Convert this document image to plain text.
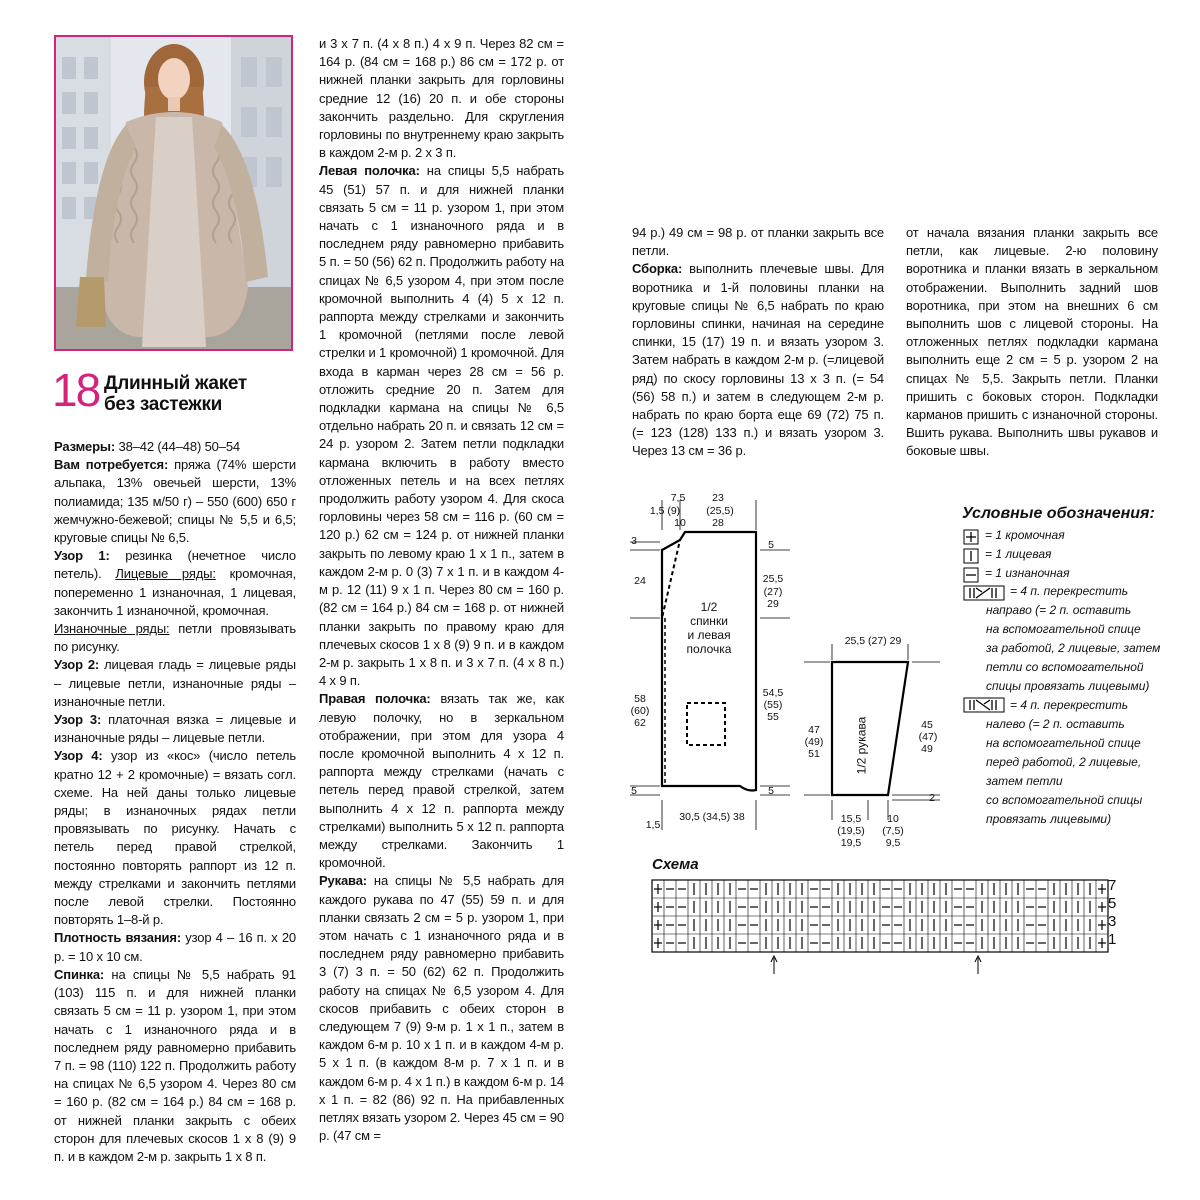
18 Длинный жакет
без застежки

Размеры: 38–42 (44–48) 50–54

Вам потребуется: пряжа (74% шерсти альпака, 13% овечьей шерсти, 13% полиамида; 135 м/50 г) – 550 (600) 650 г жемчужно-бежевой; спицы № 5,5 и 6,5; круговые спицы № 6,5.

Узор 1: резинка (нечетное число петель). Лицевые ряды: кромочная, попеременно 1 изнаночная, 1 лицевая, закончить 1 изнаночной, кромочная.
Изнаночные ряды: петли провязывать по рисунку.

Узор 2: лицевая гладь = лицевые ряды – лицевые петли, изнаночные ряды – изнаночные петли.

Узор 3: платочная вязка = лицевые и изнаночные ряды – лицевые петли.

Узор 4: узор из «кос» (число петель кратно 12 + 2 кромочные) = вязать согл. схеме. На ней даны только лицевые ряды; в изнаночных рядах петли провязывать по рисунку. Начать с петель перед правой стрелкой, постоянно повторять раппорт из 12 п. между стрелками и закончить петлями после левой стрелки. Постоянно повторять 1–8-й р.

Плотность вязания: узор 4 – 16 п. х 20 р. = 10 х 10 см.

Спинка: на спицы № 5,5 набрать 91 (103) 115 п. и для нижней планки связать 5 см = 11 р. узором 1, при этом начать с 1 изнаночного ряда и в последнем ряду равномерно прибавить 7 п. = 98 (110) 122 п. Продолжить работу на спицах № 6,5 узором 4. Через 80 см = 160 р. (82 см = 164 р.) 84 см = 168 р. от нижней планки закрыть с обеих сторон для плечевых скосов 1 х 8 (9) 9 п. и в каждом 2-м р. закрыть 1 х 8 п.

и 3 х 7 п. (4 х 8 п.) 4 х 9 п. Через 82 см = 164 р. (84 см = 168 р.) 86 см = 172 р. от нижней планки закрыть для горловины средние 12 (16) 20 п. и обе стороны закончить раздельно. Для скругления горловины по внутреннему краю закрыть в каждом 2-м р. 2 х 3 п.

Левая полочка: на спицы 5,5 набрать 45 (51) 57 п. и для нижней планки связать 5 см = 11 р. узором 1, при этом начать с 1 изнаночного ряда и в последнем ряду равномерно прибавить 5 п. = 50 (56) 62 п. Продолжить работу на спицах № 6,5 узором 4, при этом после кромочной выполнить 4 (4) 5 х 12 п. раппорта между стрелками и закончить 1 кромочной (петлями после левой стрелки и 1 кромочной) 1 кромочной. Для входа в карман через 28 см = 56 р. отложить средние 20 п. Затем для подкладки кармана на спицы № 6,5 отдельно набрать 20 п. и связать 12 см = 24 р. узором 2. Затем петли подкладки кармана включить в работу вместо отложенных петель и на всех петлях продолжить работу узором 4. Для скоса горловины через 58 см = 116 р. (60 см = 120 р.) 62 см = 124 р. от нижней планки закрыть по левому краю 1 х 1 п., затем в каждом 2-м р. 0 (3) 7 х 1 п. и в каждом 4-м р. 12 (11) 9 х 1 п. Через 80 см = 160 р. (82 см = 164 р.) 84 см = 168 р. от нижней планки закрыть по правому краю для плечевых скосов 1 х 8 (9) 9 п. и в каждом 2-м р. закрыть 1 х 8 п. и 3 х 7 п. (4 х 8 п.) 4 х 9 п.

Правая полочка: вязать так же, как левую полочку, но в зеркальном отображении, при этом для узора 4 после кромочной выполнить 4 х 12 п. раппорта между стрелками (начать с петель перед правой стрелкой, затем выполнить 4 х 12 п. раппорта между стрелками) выполнить 5 х 12 п. раппорта между стрелками. Закончить 1 кромочной.

Рукава: на спицы № 5,5 набрать для каждого рукава по 47 (55) 59 п. и для планки связать 2 см = 5 р. узором 1, при этом начать с 1 изнаночного ряда и в последнем ряду равномерно прибавить 3 (7) 3 п. = 50 (62) 62 п. Продолжить работу на спицах № 6,5 узором 4. Для скосов прибавить с обеих сторон в следующем 7 (9) 9-м р. 1 х 1 п., затем в каждом 6-м р. 10 х 1 п. и в каждом 4-м р. 5 х 1 п. (в каждом 8-м р. 7 х 1 п. и в каждом 6-м р. 4 х 1 п.) в каждом 6-м р. 14 х 1 п. = 82 (86) 92 п. На прибавленных петлях вязать узором 2. Через 45 см = 90 р. (47 см =

94 р.) 49 см = 98 р. от планки закрыть все петли.

Сборка: выполнить плечевые швы. Для воротника и 1-й половины планки на круговые спицы № 6,5 набрать по краю горловины спинки, начиная на середине спинки, 15 (17) 19 п. и вязать узором 3. Затем набрать в каждом 2-м р. (=лицевой ряд) по скосу горловины 13 х 3 п. (= 54 (56) 58 п.) и затем в следующем 2-м р. набрать по краю борта еще 69 (72) 75 п. (= 123 (128) 133 п.) и вязать узором 3. Через 13 см = 36 р.

от начала вязания планки закрыть все петли, как лицевые. 2-ю половину воротника и планки вязать в зеркальном отображении. Выполнить задний шов воротника, при этом на внешних 6 см выполнить шов с лицевой стороны. На отложенных петлях подкладки кармана выполнить еще 2 см = 5 р. узором 2 на спицах № 5,5. Закрыть петли. Планки пришить с боковых сторон. Подкладки карманов пришить с изнаночной стороны. Вшить рукава. Выполнить швы рукавов и боковые швы.

7,5
1,5 (9)
10
23
(25,5)
28
3
24
58
(60)
62
5
1,5
30,5 (34,5) 38
5
25,5
(27)
29
54,5
(55)
55
5
1/2
спинки
и левая
полочка
25,5 (27) 29
47
(49)
51
45
(47)
49
2
15,5
(19,5)
19,5
10
(7,5)
9,5
1/2 рукава
Условные обозначения:
= 1 кромочная
= 1 лицевая
= 1 изнаночная
= 4 п. перекрестить
направо (= 2 п. оставить
на вспомогательной спице
за работой, 2 лицевые, затем
петли со вспомогательной
спицы провязать лицевыми)
= 4 п. перекрестить
налево (= 2 п. оставить
на вспомогательной спице
перед работой, 2 лицевые,
затем петли
со вспомогательной спицы
провязать лицевыми)
Схема
7
5
3
1
